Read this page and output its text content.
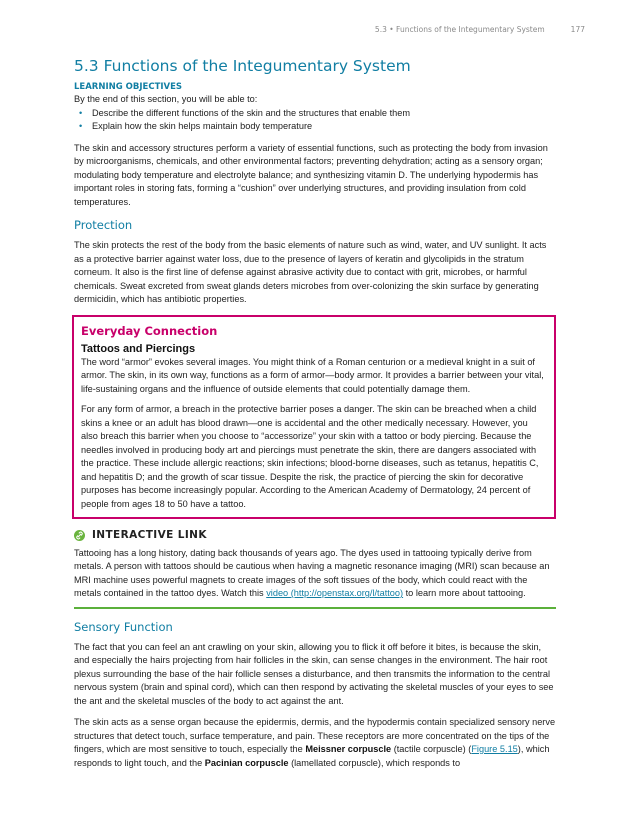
5.3 • Functions of the Integumentary System	177
5.3 Functions of the Integumentary System

LEARNING OBJECTIVES

By the end of this section, you will be able to:

• Describe the different functions of the skin and the structures that enable them
• Explain how the skin helps maintain body temperature

The skin and accessory structures perform a variety of essential functions, such as protecting the body from invasion by microorganisms, chemicals, and other environmental factors; preventing dehydration; acting as a sensory organ; modulating body temperature and electrolyte balance; and synthesizing vitamin D. The underlying hypodermis has important roles in storing fats, forming a “cushion” over underlying structures, and providing insulation from cold temperatures.

Protection

The skin protects the rest of the body from the basic elements of nature such as wind, water, and UV sunlight. It acts as a protective barrier against water loss, due to the presence of layers of keratin and glycolipids in the stratum corneum. It also is the first line of defense against abrasive activity due to contact with grit, microbes, or harmful chemicals. Sweat excreted from sweat glands deters microbes from over-colonizing the skin surface by generating dermicidin, which has antibiotic properties.

Everyday Connection

Tattoos and Piercings

The word “armor” evokes several images. You might think of a Roman centurion or a medieval knight in a suit of armor. The skin, in its own way, functions as a form of armor—body armor. It provides a barrier between your vital, life-sustaining organs and the influence of outside elements that could potentially damage them.

For any form of armor, a breach in the protective barrier poses a danger. The skin can be breached when a child skins a knee or an adult has blood drawn—one is accidental and the other medically necessary. However, you also breach this barrier when you choose to “accessorize” your skin with a tattoo or body piercing. Because the needles involved in producing body art and piercings must penetrate the skin, there are dangers associated with the practice. These include allergic reactions; skin infections; blood-borne diseases, such as tetanus, hepatitis C, and hepatitis D; and the growth of scar tissue. Despite the risk, the practice of piercing the skin for decorative purposes has become increasingly popular. According to the American Academy of Dermatology, 24 percent of people from ages 18 to 50 have a tattoo.

INTERACTIVE LINK

Tattooing has a long history, dating back thousands of years ago. The dyes used in tattooing typically derive from metals. A person with tattoos should be cautious when having a magnetic resonance imaging (MRI) scan because an MRI machine uses powerful magnets to create images of the soft tissues of the body, which could react with the metals contained in the tattoo dyes. Watch this video (http://openstax.org/l/tattoo) to learn more about tattooing.

Sensory Function

The fact that you can feel an ant crawling on your skin, allowing you to flick it off before it bites, is because the skin, and especially the hairs projecting from hair follicles in the skin, can sense changes in the environment. The hair root plexus surrounding the base of the hair follicle senses a disturbance, and then transmits the information to the central nervous system (brain and spinal cord), which can then respond by activating the skeletal muscles of your eyes to see the ant and the skeletal muscles of the body to act against the ant.

The skin acts as a sense organ because the epidermis, dermis, and the hypodermis contain specialized sensory nerve structures that detect touch, surface temperature, and pain. These receptors are more concentrated on the tips of the fingers, which are most sensitive to touch, especially the Meissner corpuscle (tactile corpuscle) (Figure 5.15), which responds to light touch, and the Pacinian corpuscle (lamellated corpuscle), which responds to
